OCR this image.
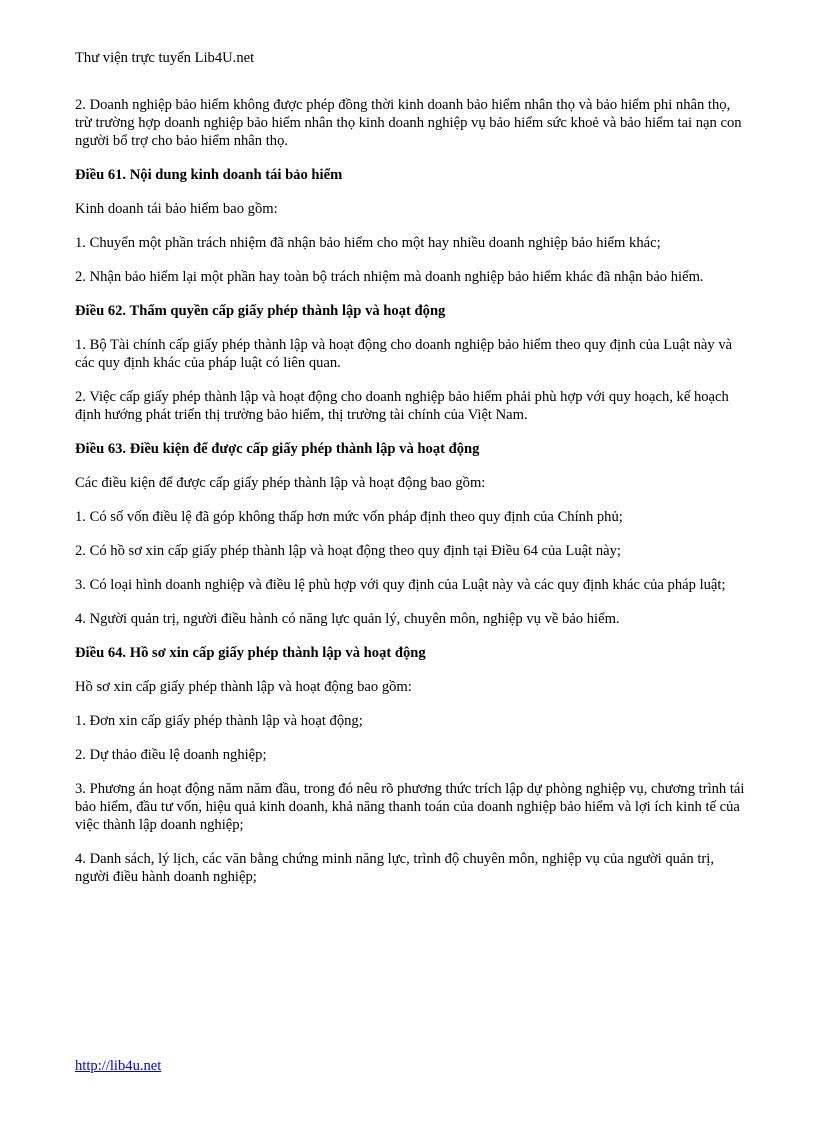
Thư viện trực tuyến Lib4U.net

2. Doanh nghiệp bảo hiểm không được phép đồng thời kinh doanh bảo hiểm nhân thọ và bảo hiểm phi nhân thọ, trừ trường hợp doanh nghiệp bảo hiểm nhân thọ kinh doanh nghiệp vụ bảo hiểm sức khoẻ và bảo hiểm tai nạn con người bổ trợ cho bảo hiểm nhân thọ.

Điều 61. Nội dung kinh doanh tái bảo hiểm

Kinh doanh tái bảo hiểm bao gồm:

1. Chuyển một phần trách nhiệm đã nhận bảo hiểm cho một hay nhiều doanh nghiệp bảo hiểm khác;

2. Nhận bảo hiểm lại một phần hay toàn bộ trách nhiệm mà doanh nghiệp bảo hiểm khác đã nhận bảo hiểm.

Điều 62. Thẩm quyền cấp giấy phép thành lập và hoạt động

1. Bộ Tài chính cấp giấy phép thành lập và hoạt động cho doanh nghiệp bảo hiểm theo quy định của Luật này và các quy định khác của pháp luật có liên quan.

2. Việc cấp giấy phép thành lập và hoạt động cho doanh nghiệp bảo hiểm phải phù hợp với quy hoạch, kế hoạch định hướng phát triển thị trường bảo hiểm, thị trường tài chính của Việt Nam.

Điều 63. Điều kiện để được cấp giấy phép thành lập và hoạt động

Các điều kiện để được cấp giấy phép thành lập và hoạt động bao gồm:

1. Có số vốn điều lệ đã góp không thấp hơn mức vốn pháp định theo quy định của Chính phủ;

2. Có hồ sơ xin cấp giấy phép thành lập và hoạt động theo quy định tại Điều 64 của Luật này;

3. Có loại hình doanh nghiệp và điều lệ phù hợp với quy định của Luật này và các quy định khác của pháp luật;

4. Người quản trị, người điều hành có năng lực quản lý, chuyên môn, nghiệp vụ về bảo hiểm.

Điều 64. Hồ sơ xin cấp giấy phép thành lập và hoạt động

Hồ sơ xin cấp giấy phép thành lập và hoạt động bao gồm:

1. Đơn xin cấp giấy phép thành lập và hoạt động;

2. Dự thảo điều lệ doanh nghiệp;

3. Phương án hoạt động năm năm đầu, trong đó nêu rõ phương thức trích lập dự phòng nghiệp vụ, chương trình tái bảo hiểm, đầu tư vốn, hiệu quả kinh doanh, khả năng thanh toán của doanh nghiệp bảo hiểm và lợi ích kinh tế của việc thành lập doanh nghiệp;

4. Danh sách, lý lịch, các văn bằng chứng minh năng lực, trình độ chuyên môn, nghiệp vụ của người quản trị, người điều hành doanh nghiệp;

http://lib4u.net
